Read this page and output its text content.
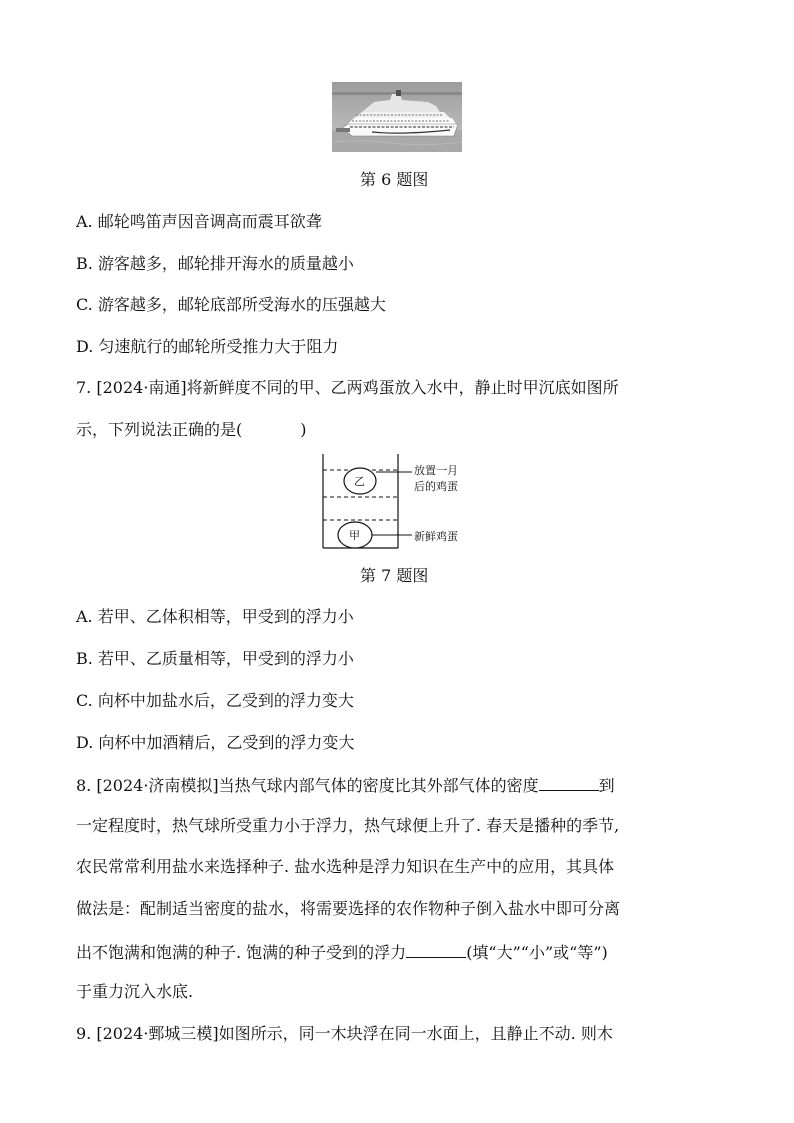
第 6 题图
A. 邮轮鸣笛声因音调高而震耳欲聋
B. 游客越多，邮轮排开海水的质量越小
C. 游客越多，邮轮底部所受海水的压强越大
D. 匀速航行的邮轮所受推力大于阻力
7. [2024·南通]将新鲜度不同的甲、乙两鸡蛋放入水中，静止时甲沉底如图所
示，下列说法正确的是(	)
乙
甲
放置一月
后的鸡蛋
新鲜鸡蛋
第 7 题图
A. 若甲、乙体积相等，甲受到的浮力小
B. 若甲、乙质量相等，甲受到的浮力小
C. 向杯中加盐水后，乙受到的浮力变大
D. 向杯中加酒精后，乙受到的浮力变大
8. [2024·济南模拟]当热气球内部气体的密度比其外部气体的密度	到
一定程度时，热气球所受重力小于浮力，热气球便上升了. 春天是播种的季节,
农民常常利用盐水来选择种子. 盐水选种是浮力知识在生产中的应用，其具体
做法是：配制适当密度的盐水，将需要选择的农作物种子倒入盐水中即可分离
出不饱满和饱满的种子. 饱满的种子受到的浮力	(填“大”“小”或“等”)
于重力沉入水底.
9. [2024·鄄城三模]如图所示，同一木块浮在同一水面上，且静止不动. 则木
